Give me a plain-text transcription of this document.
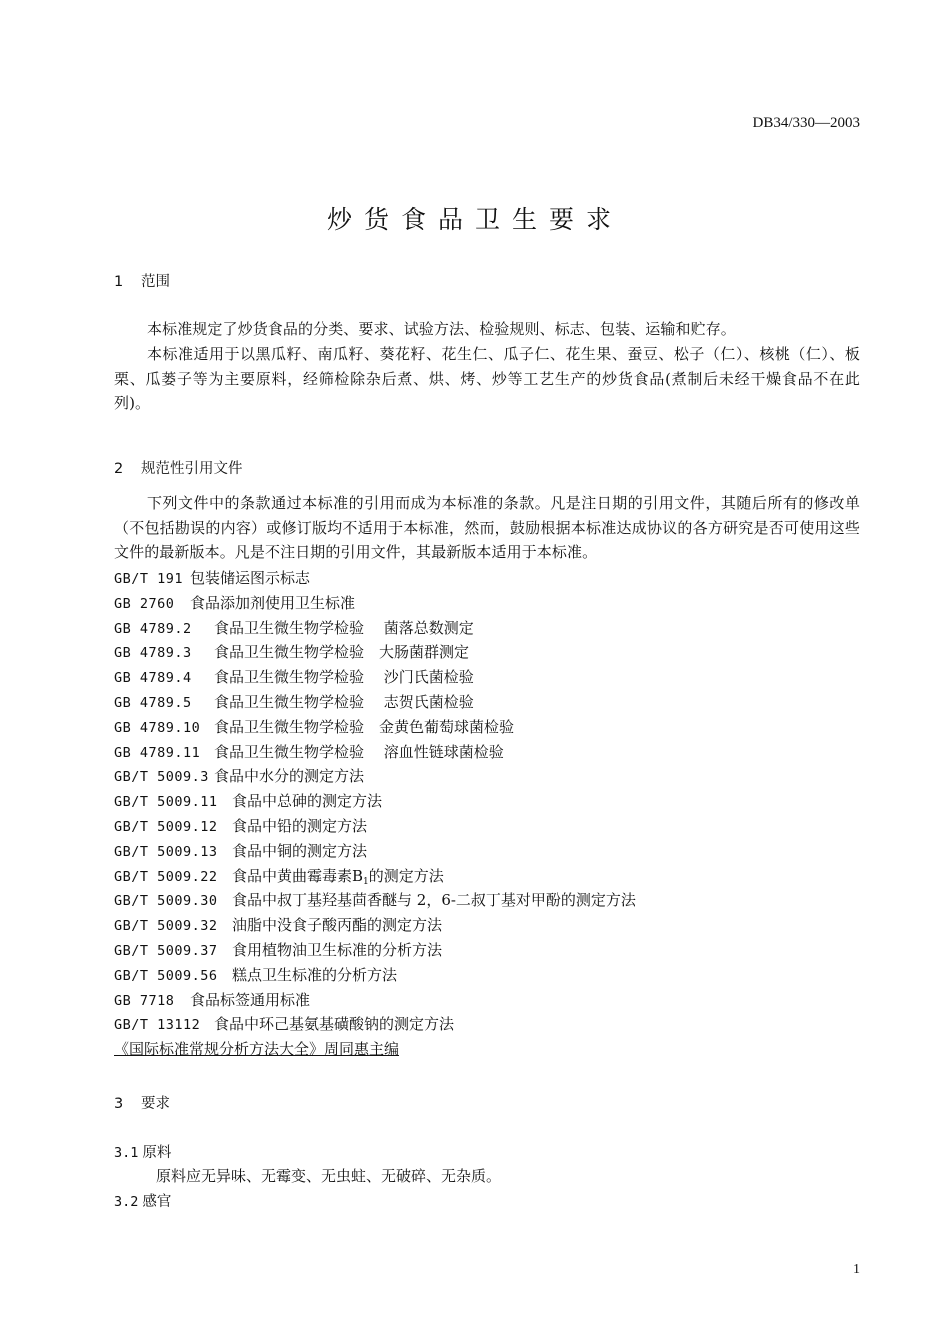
DB34/330—2003
炒货食品卫生要求
1 范围
本标准规定了炒货食品的分类、要求、试验方法、检验规则、标志、包装、运输和贮存。
本标准适用于以黑瓜籽、南瓜籽、葵花籽、花生仁、瓜子仁、花生果、蚕豆、松子（仁）、核桃（仁）、板栗、瓜蒌子等为主要原料，经筛检除杂后煮、烘、烤、炒等工艺生产的炒货食品(煮制后未经干燥食品不在此列)。
2 规范性引用文件
下列文件中的条款通过本标准的引用而成为本标准的条款。凡是注日期的引用文件，其随后所有的修改单（不包括勘误的内容）或修订版均不适用于本标准，然而，鼓励根据本标准达成协议的各方研究是否可使用这些文件的最新版本。凡是不注日期的引用文件，其最新版本适用于本标准。
GB/T 191 包装储运图示标志
GB 2760 食品添加剂使用卫生标准
GB 4789.2 食品卫生微生物学检验　 菌落总数测定
GB 4789.3 食品卫生微生物学检验　大肠菌群测定
GB 4789.4 食品卫生微生物学检验　 沙门氏菌检验
GB 4789.5 食品卫生微生物学检验　 志贺氏菌检验
GB 4789.10 食品卫生微生物学检验　金黄色葡萄球菌检验
GB 4789.11 食品卫生微生物学检验　 溶血性链球菌检验
GB/T 5009.3 食品中水分的测定方法
GB/T 5009.11 食品中总砷的测定方法
GB/T 5009.12 食品中铅的测定方法
GB/T 5009.13 食品中铜的测定方法
GB/T 5009.22 食品中黄曲霉毒素$B_1$的测定方法
GB/T 5009.30 食品中叔丁基羟基茴香醚与 2，6-二叔丁基对甲酚的测定方法
GB/T 5009.32 油脂中没食子酸丙酯的测定方法
GB/T 5009.37 食用植物油卫生标准的分析方法
GB/T 5009.56 糕点卫生标准的分析方法
GB 7718 食品标签通用标准
GB/T 13112 食品中环己基氨基磺酸钠的测定方法
《国际标准常规分析方法大全》周同惠主编
3 要求
3.1 原料
原料应无异味、无霉变、无虫蛀、无破碎、无杂质。
3.2 感官
1
